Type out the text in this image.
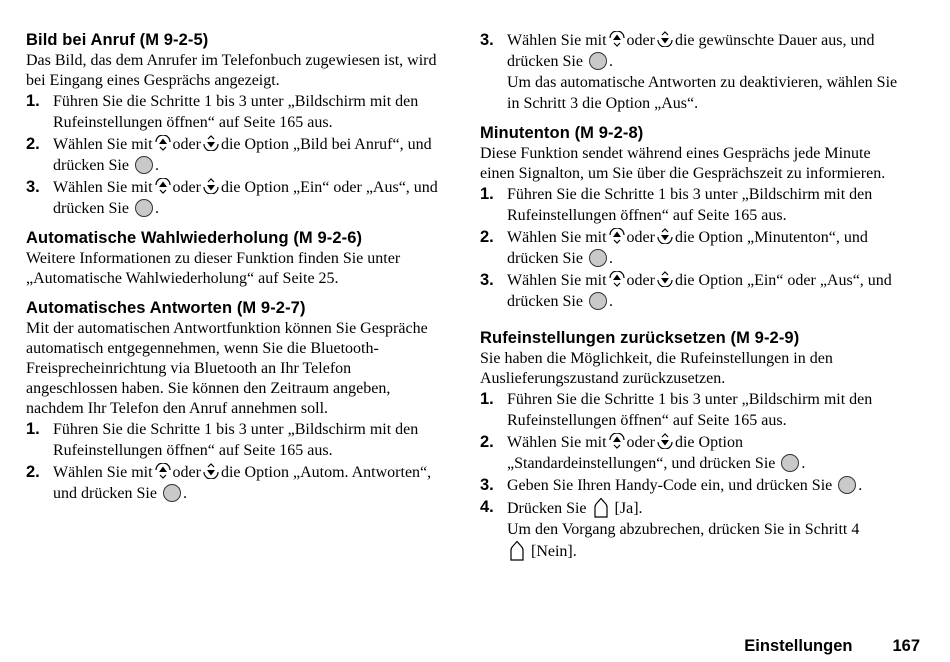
Bild bei Anruf (M 9-2-5)

Das Bild, das dem Anrufer im Telefonbuch zugewiesen ist, wird bei Eingang eines Gesprächs angezeigt.

1. Führen Sie die Schritte 1 bis 3 unter „Bildschirm mit den Rufeinstellungen öffnen“ auf Seite 165 aus.
2. Wählen Sie mit oder die Option „Bild bei Anruf“, und drücken Sie .
3. Wählen Sie mit oder die Option „Ein“ oder „Aus“, und drücken Sie .
Automatische Wahlwiederholung (M 9-2-6)

Weitere Informationen zu dieser Funktion finden Sie unter „Automatische Wahlwiederholung“ auf Seite 25.

Automatisches Antworten (M 9-2-7)

Mit der automatischen Antwortfunktion können Sie Gespräche automatisch entgegennehmen, wenn Sie die Bluetooth-Freisprecheinrichtung via Bluetooth an Ihr Telefon angeschlossen haben. Sie können den Zeitraum angeben, nachdem Ihr Telefon den Anruf annehmen soll.

1. Führen Sie die Schritte 1 bis 3 unter „Bildschirm mit den Rufeinstellungen öffnen“ auf Seite 165 aus.
2. Wählen Sie mit oder die Option „Autom. Antworten“, und drücken Sie .
3. Wählen Sie mit oder die gewünschte Dauer aus, und drücken Sie .
Um das automatische Antworten zu deaktivieren, wählen Sie in Schritt 3 die Option „Aus“.
Minutenton (M 9-2-8)

Diese Funktion sendet während eines Gesprächs jede Minute einen Signalton, um Sie über die Gesprächszeit zu informieren.

1. Führen Sie die Schritte 1 bis 3 unter „Bildschirm mit den Rufeinstellungen öffnen“ auf Seite 165 aus.
2. Wählen Sie mit oder die Option „Minutenton“, und drücken Sie .
3. Wählen Sie mit oder die Option „Ein“ oder „Aus“, und drücken Sie .
Rufeinstellungen zurücksetzen (M 9-2-9)

Sie haben die Möglichkeit, die Rufeinstellungen in den Auslieferungszustand zurückzusetzen.

1. Führen Sie die Schritte 1 bis 3 unter „Bildschirm mit den Rufeinstellungen öffnen“ auf Seite 165 aus.
2. Wählen Sie mit oder die Option „Standardeinstellungen“, und drücken Sie .
3. Geben Sie Ihren Handy-Code ein, und drücken Sie .
4. Drücken Sie [Ja].
Um den Vorgang abzubrechen, drücken Sie in Schritt 4

[Nein].
Einstellungen 167
